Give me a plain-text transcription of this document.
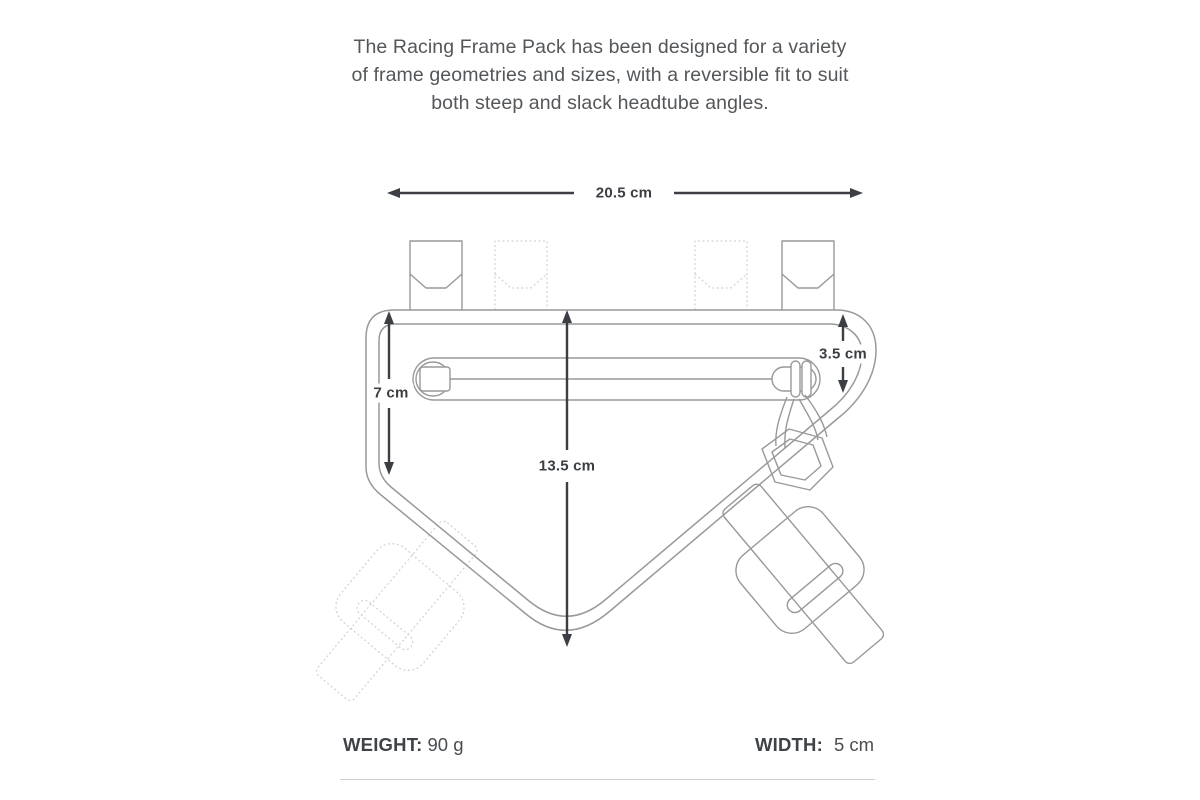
The Racing Frame Pack has been designed for a variety
of frame geometries and sizes, with a reversible fit to suit
both steep and slack headtube angles.
20.5 cm
7 cm
13.5 cm
3.5 cm
WEIGHT: 90 g	WIDTH: 5 cm
